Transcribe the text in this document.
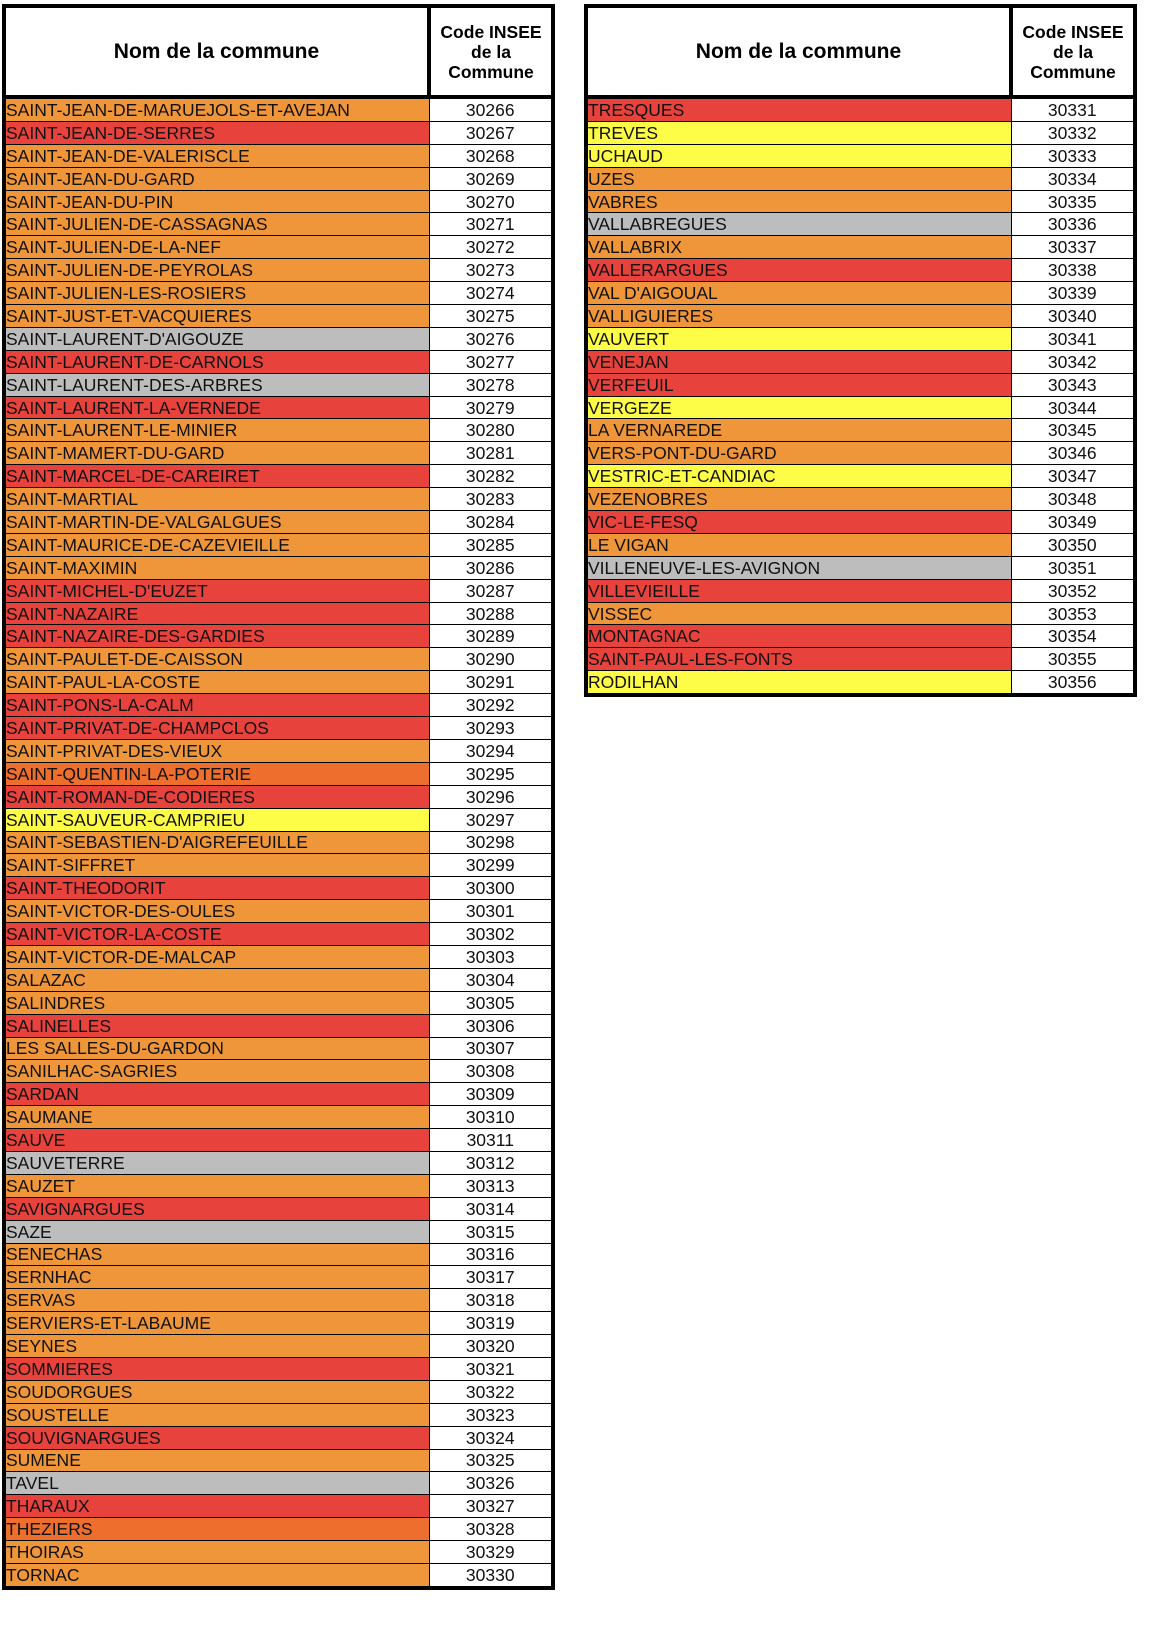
Nom de la commune	Code INSEE
de la
Commune

SAINT-JEAN-DE-MARUEJOLS-ET-AVEJAN	30266
SAINT-JEAN-DE-SERRES	30267
SAINT-JEAN-DE-VALERISCLE	30268
SAINT-JEAN-DU-GARD	30269
SAINT-JEAN-DU-PIN	30270
SAINT-JULIEN-DE-CASSAGNAS	30271
SAINT-JULIEN-DE-LA-NEF	30272
SAINT-JULIEN-DE-PEYROLAS	30273
SAINT-JULIEN-LES-ROSIERS	30274
SAINT-JUST-ET-VACQUIERES	30275
SAINT-LAURENT-D'AIGOUZE	30276
SAINT-LAURENT-DE-CARNOLS	30277
SAINT-LAURENT-DES-ARBRES	30278
SAINT-LAURENT-LA-VERNEDE	30279
SAINT-LAURENT-LE-MINIER	30280
SAINT-MAMERT-DU-GARD	30281
SAINT-MARCEL-DE-CAREIRET	30282
SAINT-MARTIAL	30283
SAINT-MARTIN-DE-VALGALGUES	30284
SAINT-MAURICE-DE-CAZEVIEILLE	30285
SAINT-MAXIMIN	30286
SAINT-MICHEL-D'EUZET	30287
SAINT-NAZAIRE	30288
SAINT-NAZAIRE-DES-GARDIES	30289
SAINT-PAULET-DE-CAISSON	30290
SAINT-PAUL-LA-COSTE	30291
SAINT-PONS-LA-CALM	30292
SAINT-PRIVAT-DE-CHAMPCLOS	30293
SAINT-PRIVAT-DES-VIEUX	30294
SAINT-QUENTIN-LA-POTERIE	30295
SAINT-ROMAN-DE-CODIERES	30296
SAINT-SAUVEUR-CAMPRIEU	30297
SAINT-SEBASTIEN-D'AIGREFEUILLE	30298
SAINT-SIFFRET	30299
SAINT-THEODORIT	30300
SAINT-VICTOR-DES-OULES	30301
SAINT-VICTOR-LA-COSTE	30302
SAINT-VICTOR-DE-MALCAP	30303
SALAZAC	30304
SALINDRES	30305
SALINELLES	30306
LES SALLES-DU-GARDON	30307
SANILHAC-SAGRIES	30308
SARDAN	30309
SAUMANE	30310
SAUVE	30311
SAUVETERRE	30312
SAUZET	30313
SAVIGNARGUES	30314
SAZE	30315
SENECHAS	30316
SERNHAC	30317
SERVAS	30318
SERVIERS-ET-LABAUME	30319
SEYNES	30320
SOMMIERES	30321
SOUDORGUES	30322
SOUSTELLE	30323
SOUVIGNARGUES	30324
SUMENE	30325
TAVEL	30326
THARAUX	30327
THEZIERS	30328
THOIRAS	30329
TORNAC	30330
Nom de la commune	Code INSEE
de la
Commune

TRESQUES	30331
TREVES	30332
UCHAUD	30333
UZES	30334
VABRES	30335
VALLABREGUES	30336
VALLABRIX	30337
VALLERARGUES	30338
VAL D'AIGOUAL	30339
VALLIGUIERES	30340
VAUVERT	30341
VENEJAN	30342
VERFEUIL	30343
VERGEZE	30344
LA VERNAREDE	30345
VERS-PONT-DU-GARD	30346
VESTRIC-ET-CANDIAC	30347
VEZENOBRES	30348
VIC-LE-FESQ	30349
LE VIGAN	30350
VILLENEUVE-LES-AVIGNON	30351
VILLEVIEILLE	30352
VISSEC	30353
MONTAGNAC	30354
SAINT-PAUL-LES-FONTS	30355
RODILHAN	30356
